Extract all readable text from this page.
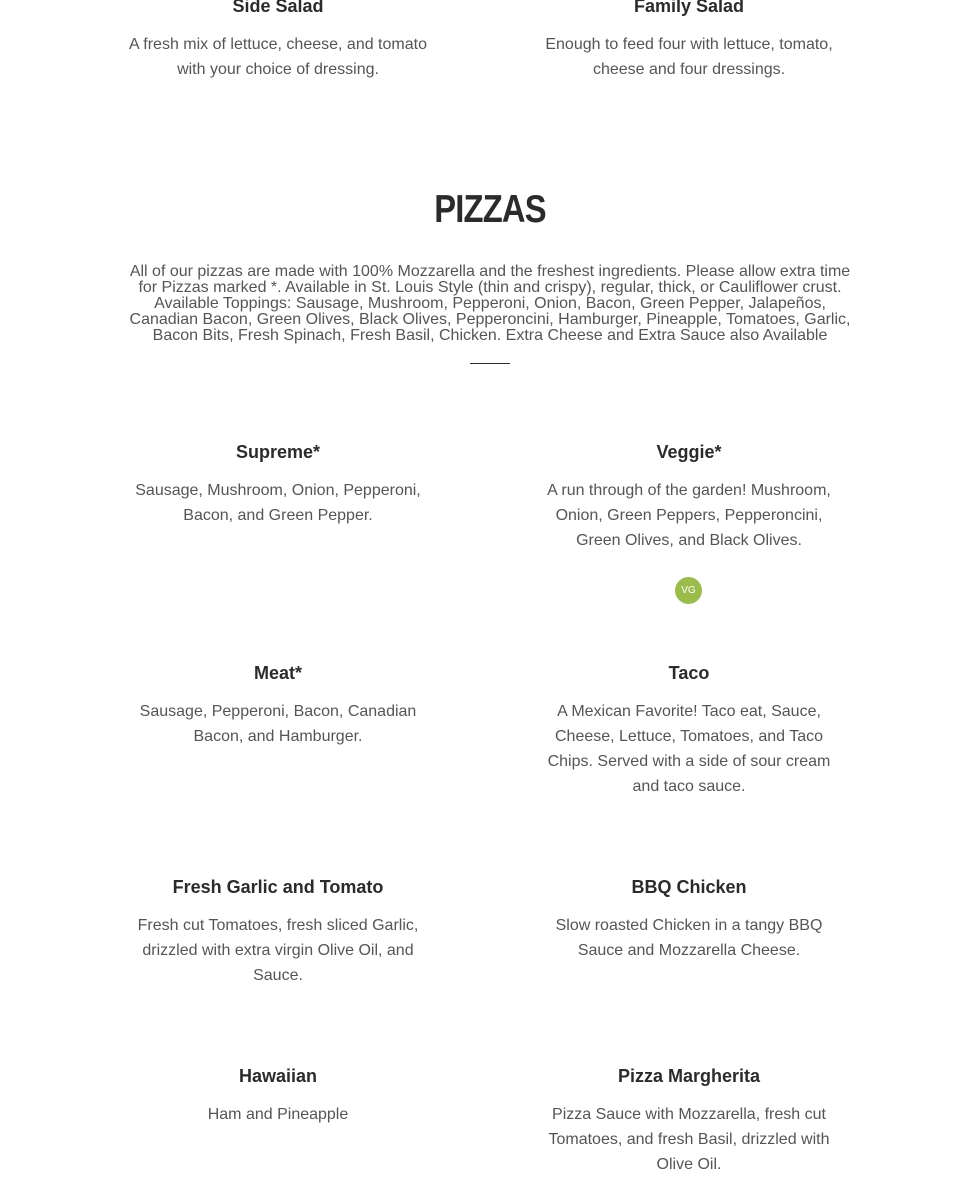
Side Salad
A fresh mix of lettuce, cheese, and tomato with your choice of dressing.
Family Salad
Enough to feed four with lettuce, tomato, cheese and four dressings.
PIZZAS
All of our pizzas are made with 100% Mozzarella and the freshest ingredients. Please allow extra time for Pizzas marked *. Available in St. Louis Style (thin and crispy), regular, thick, or Cauliflower crust. Available Toppings: Sausage, Mushroom, Pepperoni, Onion, Bacon, Green Pepper, Jalapeños, Canadian Bacon, Green Olives, Black Olives, Pepperoncini, Hamburger, Pineapple, Tomatoes, Garlic, Bacon Bits, Fresh Spinach, Fresh Basil, Chicken. Extra Cheese and Extra Sauce also Available
Supreme*
Sausage, Mushroom, Onion, Pepperoni, Bacon, and Green Pepper.
Veggie*
A run through of the garden! Mushroom, Onion, Green Peppers, Pepperoncini, Green Olives, and Black Olives.
VG
Meat*
Sausage, Pepperoni, Bacon, Canadian Bacon, and Hamburger.
Taco
A Mexican Favorite! Taco eat, Sauce, Cheese, Lettuce, Tomatoes, and Taco Chips. Served with a side of sour cream and taco sauce.
Fresh Garlic and Tomato
Fresh cut Tomatoes, fresh sliced Garlic, drizzled with extra virgin Olive Oil, and Sauce.
BBQ Chicken
Slow roasted Chicken in a tangy BBQ Sauce and Mozzarella Cheese.
Hawaiian
Ham and Pineapple
Pizza Margherita
Pizza Sauce with Mozzarella, fresh cut Tomatoes, and fresh Basil, drizzled with Olive Oil.
